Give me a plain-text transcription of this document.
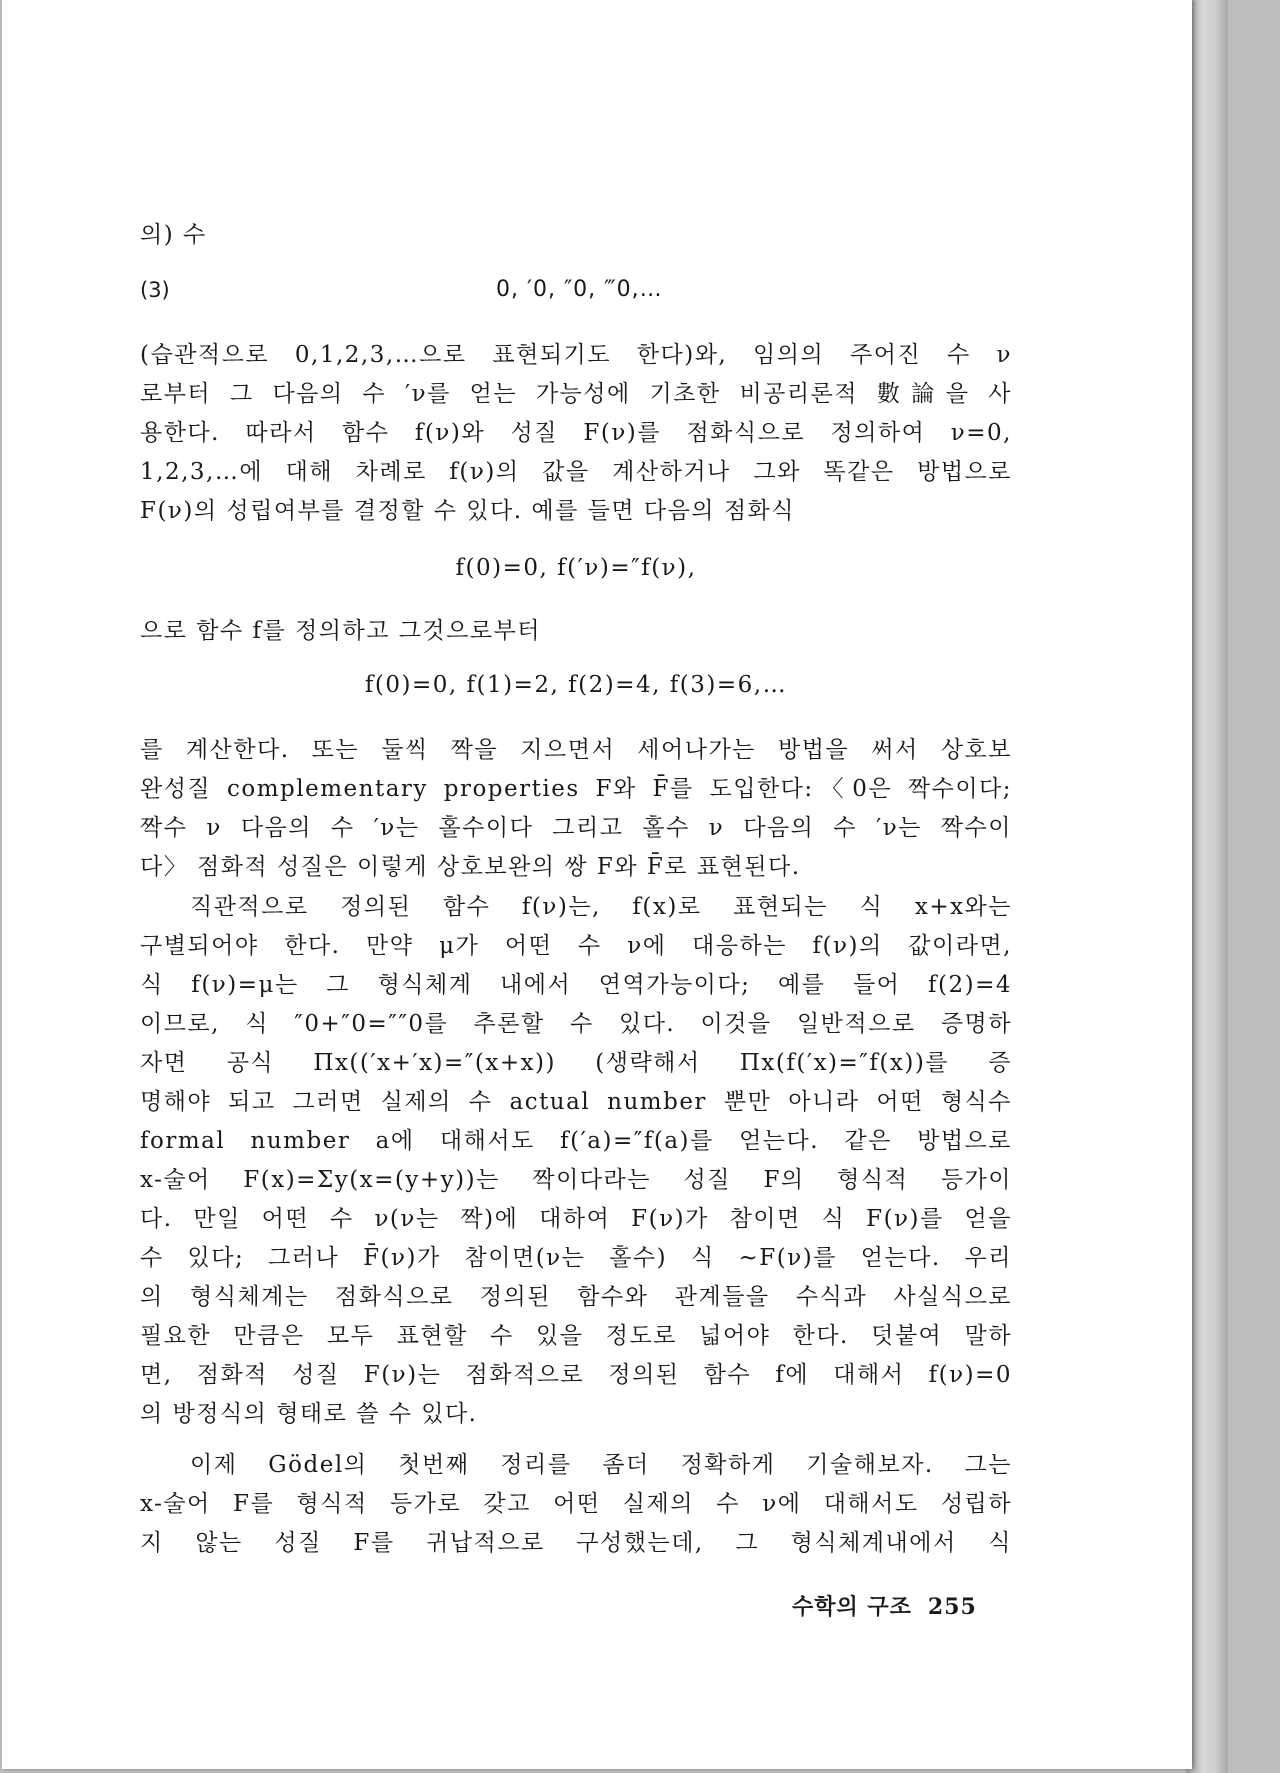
의) 수
(3)	0, ′0, ″0, ‴0,…
(습관적으로 0,1,2,3,…으로 표현되기도 한다)와, 임의의 주어진 수 ν
로부터 그 다음의 수 ′ν를 얻는 가능성에 기초한 비공리론적 數論을 사
용한다. 따라서 함수 f(ν)와 성질 F(ν)를 점화식으로 정의하여 ν=0,
1,2,3,…에 대해 차례로 f(ν)의 값을 계산하거나 그와 똑같은 방법으로
F(ν)의 성립여부를 결정할 수 있다. 예를 들면 다음의 점화식
f(0)=0, f(′ν)=″f(ν),
으로 함수 f를 정의하고 그것으로부터
f(0)=0, f(1)=2, f(2)=4, f(3)=6,…
를 계산한다. 또는 둘씩 짝을 지으면서 세어나가는 방법을 써서 상호보
완성질 complementary properties F와 F̄를 도입한다:〈0은 짝수이다;
짝수 ν 다음의 수 ′ν는 홀수이다 그리고 홀수 ν 다음의 수 ′ν는 짝수이
다〉 점화적 성질은 이렇게 상호보완의 쌍 F와 F̄로 표현된다.
직관적으로 정의된 함수 f(ν)는, f(x)로 표현되는 식 x+x와는
구별되어야 한다. 만약 μ가 어떤 수 ν에 대응하는 f(ν)의 값이라면,
식 f(ν)=μ는 그 형식체계 내에서 연역가능이다; 예를 들어 f(2)=4
이므로, 식 ″0+″0=″″0를 추론할 수 있다. 이것을 일반적으로 증명하
자면 공식 Πx((′x+′x)=″(x+x)) (생략해서 Πx(f(′x)=″f(x))를 증
명해야 되고 그러면 실제의 수 actual number 뿐만 아니라 어떤 형식수
formal number a에 대해서도 f(′a)=″f(a)를 얻는다. 같은 방법으로
x-술어 F(x)=Σy(x=(y+y))는 짝이다라는 성질 F의 형식적 등가이
다. 만일 어떤 수 ν(ν는 짝)에 대하여 F(ν)가 참이면 식 F(ν)를 얻을
수 있다; 그러나 F̄(ν)가 참이면(ν는 홀수) 식 ~F(ν)를 얻는다. 우리
의 형식체계는 점화식으로 정의된 함수와 관계들을 수식과 사실식으로
필요한 만큼은 모두 표현할 수 있을 정도로 넓어야 한다. 덧붙여 말하
면, 점화적 성질 F(ν)는 점화적으로 정의된 함수 f에 대해서 f(ν)=0
의 방정식의 형태로 쓸 수 있다.
이제 Gödel의 첫번째 정리를 좀더 정확하게 기술해보자. 그는
x-술어 F를 형식적 등가로 갖고 어떤 실제의 수 ν에 대해서도 성립하
지 않는 성질 F를 귀납적으로 구성했는데, 그 형식체계내에서 식
수학의 구조 255
